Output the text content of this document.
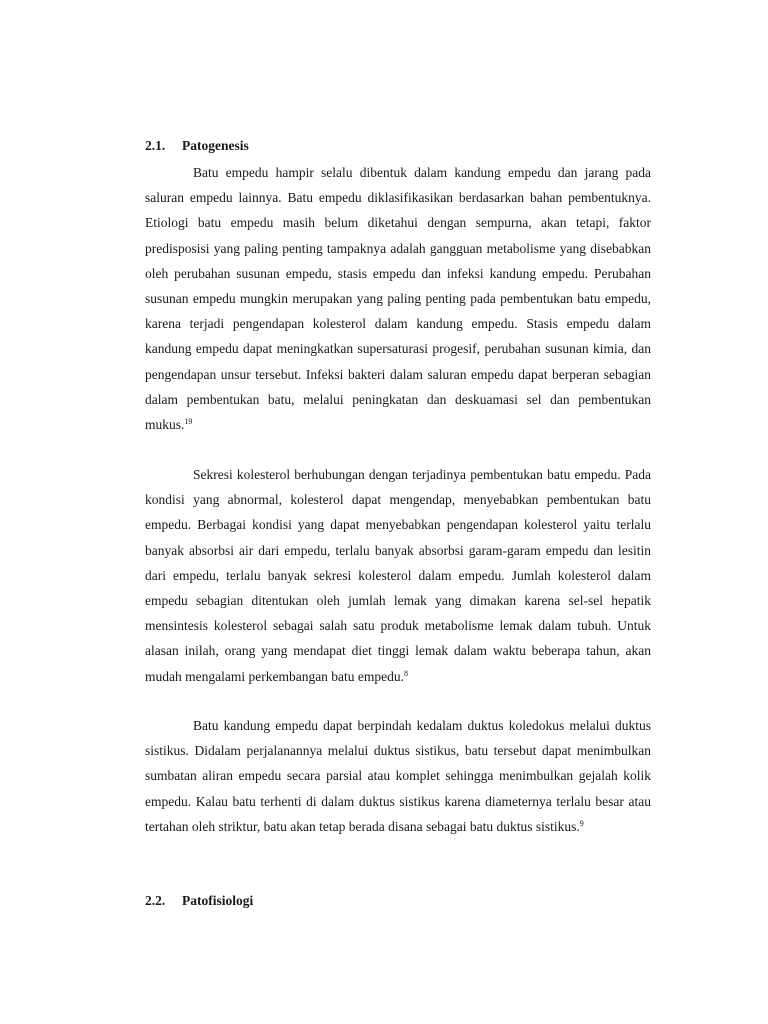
2.1. Patogenesis

Batu empedu hampir selalu dibentuk dalam kandung empedu dan jarang pada saluran empedu lainnya. Batu empedu diklasifikasikan berdasarkan bahan pembentuknya. Etiologi batu empedu masih belum diketahui dengan sempurna, akan tetapi, faktor predisposisi yang paling penting tampaknya adalah gangguan metabolisme yang disebabkan oleh perubahan susunan empedu, stasis empedu dan infeksi kandung empedu. Perubahan susunan empedu mungkin merupakan yang paling penting pada pembentukan batu empedu, karena terjadi pengendapan kolesterol dalam kandung empedu. Stasis empedu dalam kandung empedu dapat meningkatkan supersaturasi progesif, perubahan susunan kimia, dan pengendapan unsur tersebut. Infeksi bakteri dalam saluran empedu dapat berperan sebagian dalam pembentukan batu, melalui peningkatan dan deskuamasi sel dan pembentukan mukus.$^{19}$

Sekresi kolesterol berhubungan dengan terjadinya pembentukan batu empedu. Pada kondisi yang abnormal, kolesterol dapat mengendap, menyebabkan pembentukan batu empedu. Berbagai kondisi yang dapat menyebabkan pengendapan kolesterol yaitu terlalu banyak absorbsi air dari empedu, terlalu banyak absorbsi garam-garam empedu dan lesitin dari empedu, terlalu banyak sekresi kolesterol dalam empedu. Jumlah kolesterol dalam empedu sebagian ditentukan oleh jumlah lemak yang dimakan karena sel-sel hepatik mensintesis kolesterol sebagai salah satu produk metabolisme lemak dalam tubuh. Untuk alasan inilah, orang yang mendapat diet tinggi lemak dalam waktu beberapa tahun, akan mudah mengalami perkembangan batu empedu.$^8$

Batu kandung empedu dapat berpindah kedalam duktus koledokus melalui duktus sistikus. Didalam perjalanannya melalui duktus sistikus, batu tersebut dapat menimbulkan sumbatan aliran empedu secara parsial atau komplet sehingga menimbulkan gejalah kolik empedu. Kalau batu terhenti di dalam duktus sistikus karena diameternya terlalu besar atau tertahan oleh striktur, batu akan tetap berada disana sebagai batu duktus sistikus.$^9$

2.2. Patofisiologi
